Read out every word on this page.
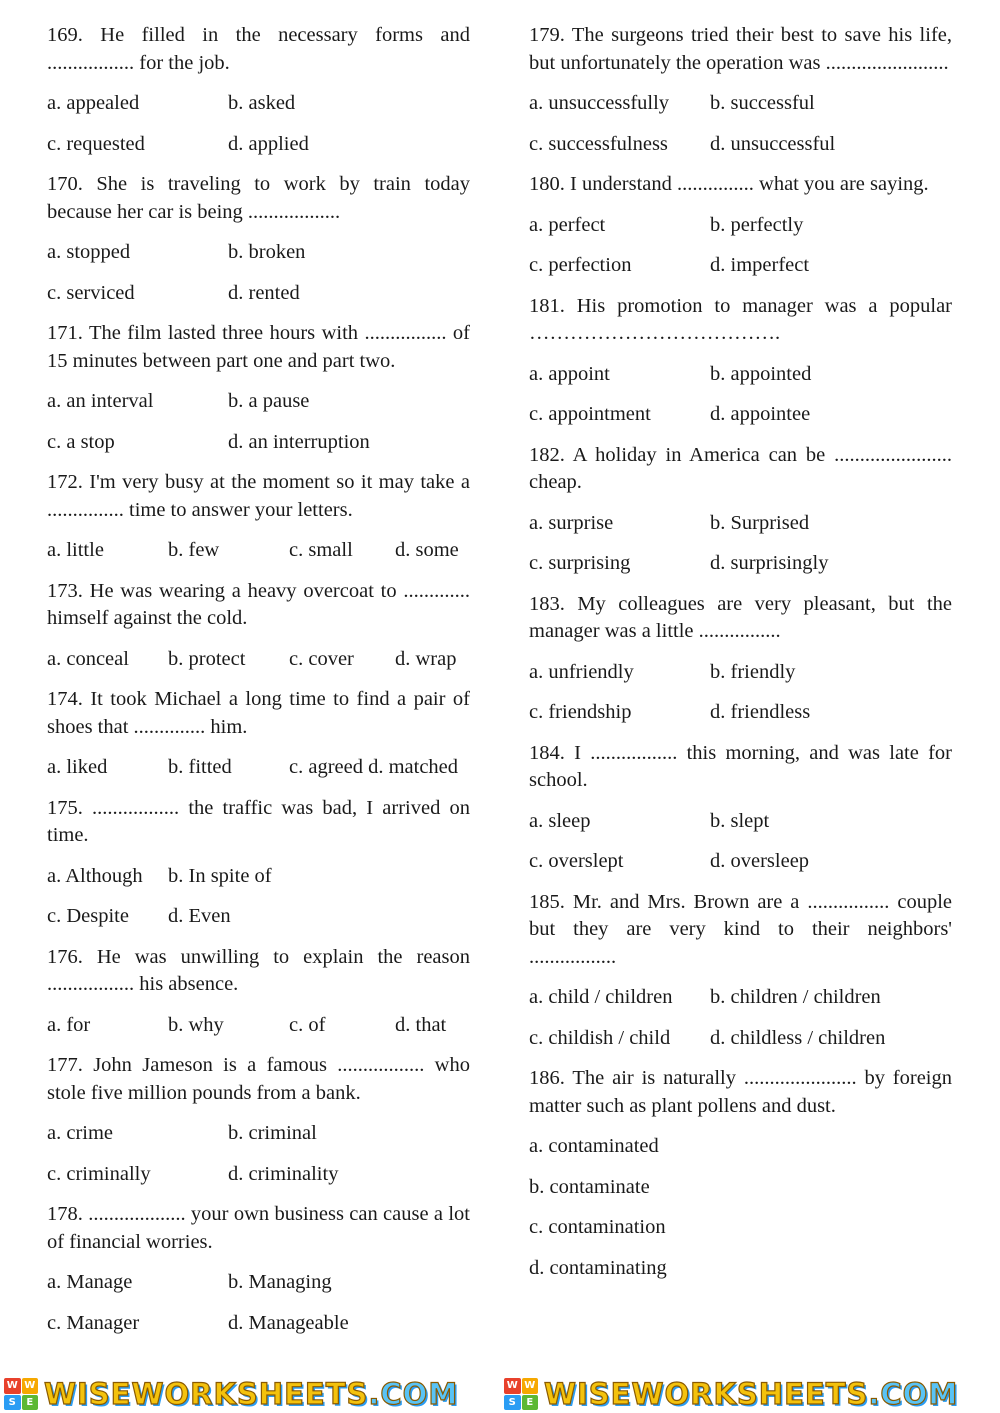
169. He filled in the necessary forms and ................. for the job.
a. appealed	b. asked
c. requested	d. applied
170. She is traveling to work by train today because her car is being ..................
a. stopped	b. broken
c. serviced	d. rented
171. The film lasted three hours with ................ of 15 minutes between part one and part two.
a. an interval	b. a pause
c. a stop	d. an interruption
172. I'm very busy at the moment so it may take a ............... time to answer your letters.
a. little	b. few	c. small	d. some
173. He was wearing a heavy overcoat to ............. himself against the cold.
a. conceal	b. protect	c. cover	d. wrap
174. It took Michael a long time to find a pair of shoes that .............. him.
a. liked	b. fitted	c. agreed d. matched
175. ................. the traffic was bad, I arrived on time.
a. Although	b. In spite of
c. Despite	d. Even
176. He was unwilling to explain the reason ................. his absence.
a. for	b. why	c. of	d. that
177. John Jameson is a famous ................. who stole five million pounds from a bank.
a. crime	b. criminal
c. criminally	d. criminality
178. ................... your own business can cause a lot of financial worries.
a. Manage	b. Managing
c. Manager	d. Manageable
179. The surgeons tried their best to save his life, but unfortunately the operation was ........................
a. unsuccessfully	b. successful
c. successfulness	d. unsuccessful
180. I understand ............... what you are saying.
a. perfect	b. perfectly
c. perfection	d. imperfect
181. His promotion to manager was a popular ……………………………….
a. appoint	b. appointed
c. appointment	d. appointee
182. A holiday in America can be ....................... cheap.
a. surprise	b. Surprised
c. surprising	d. surprisingly
183. My colleagues are very pleasant, but the manager was a little ................
a. unfriendly	b. friendly
c. friendship	d. friendless
184. I ................. this morning, and was late for school.
a. sleep	b. slept
c. overslept	d. oversleep
185. Mr. and Mrs. Brown are a ................ couple but they are very kind to their neighbors' .................
a. child / children	b. children / children
c. childish / child	d. childless / children
186. The air is naturally ...................... by foreign matter such as plant pollens and dust.
a. contaminated
b. contaminate
c. contamination
d. contaminating
W W
S	E WISEWORKSHEETS.COM	W W
S	E WISEWORKSHEETS.COM
